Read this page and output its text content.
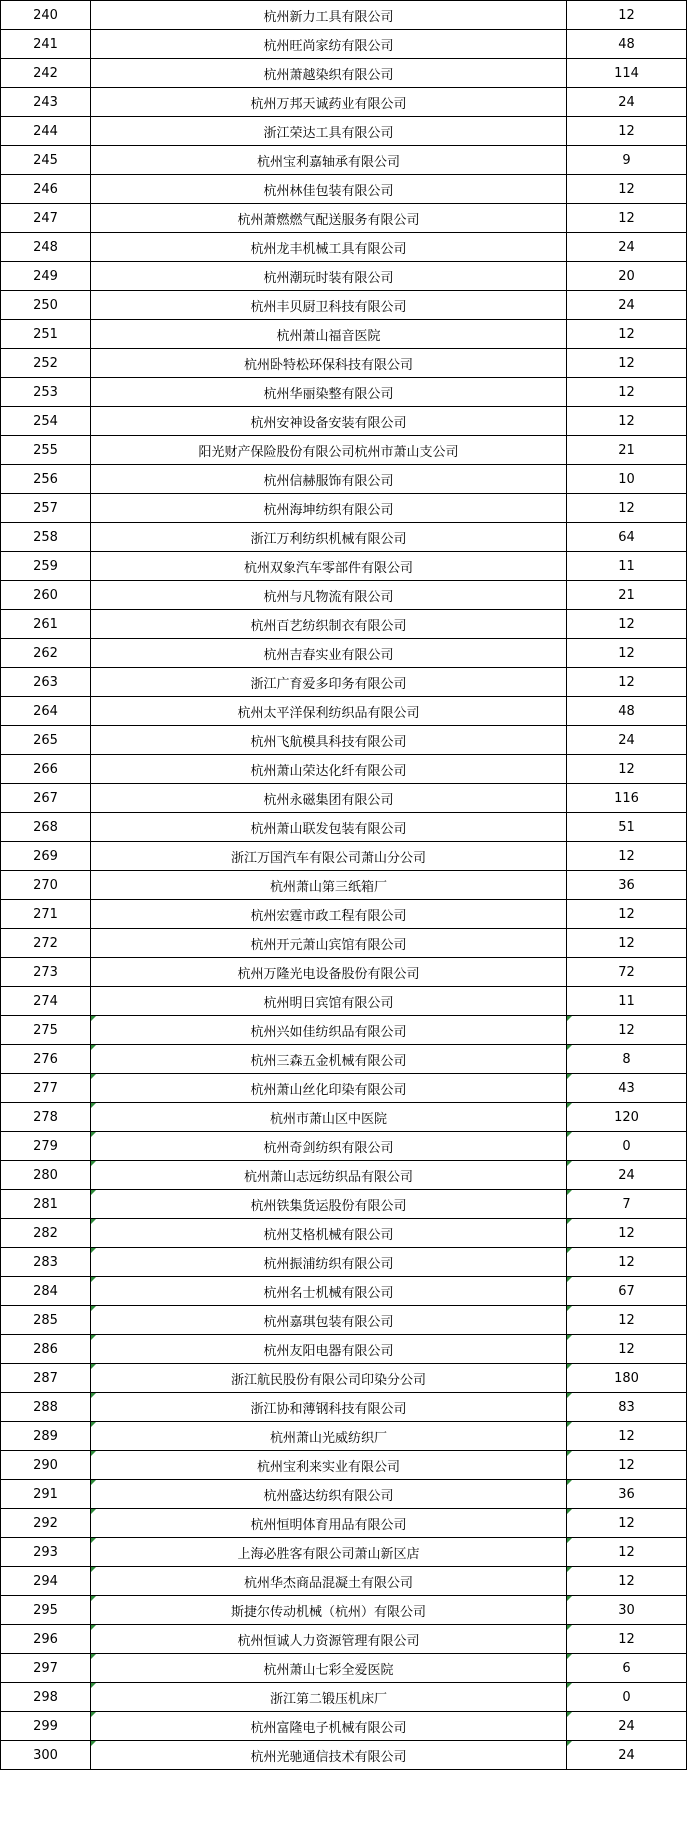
240	杭州新力工具有限公司	12
241	杭州旺尚家纺有限公司	48
242	杭州萧越染织有限公司	114
243	杭州万邦天诚药业有限公司	24
244	浙江荣达工具有限公司	12
245	杭州宝利嘉轴承有限公司	9
246	杭州林佳包装有限公司	12
247	杭州萧燃燃气配送服务有限公司	12
248	杭州龙丰机械工具有限公司	24
249	杭州潮玩时装有限公司	20
250	杭州丰贝厨卫科技有限公司	24
251	杭州萧山福音医院	12
252	杭州卧特松环保科技有限公司	12
253	杭州华丽染整有限公司	12
254	杭州安神设备安装有限公司	12
255	阳光财产保险股份有限公司杭州市萧山支公司	21
256	杭州信赫服饰有限公司	10
257	杭州海坤纺织有限公司	12
258	浙江万利纺织机械有限公司	64
259	杭州双象汽车零部件有限公司	11
260	杭州与凡物流有限公司	21
261	杭州百艺纺织制衣有限公司	12
262	杭州吉春实业有限公司	12
263	浙江广育爱多印务有限公司	12
264	杭州太平洋保利纺织品有限公司	48
265	杭州飞航模具科技有限公司	24
266	杭州萧山荣达化纤有限公司	12
267	杭州永磁集团有限公司	116
268	杭州萧山联发包装有限公司	51
269	浙江万国汽车有限公司萧山分公司	12
270	杭州萧山第三纸箱厂	36
271	杭州宏霆市政工程有限公司	12
272	杭州开元萧山宾馆有限公司	12
273	杭州万隆光电设备股份有限公司	72
274	杭州明日宾馆有限公司	11
275	杭州兴如佳纺织品有限公司	12
276	杭州三森五金机械有限公司	8
277	杭州萧山丝化印染有限公司	43
278	杭州市萧山区中医院	120
279	杭州奇剑纺织有限公司	0
280	杭州萧山志远纺织品有限公司	24
281	杭州铁集货运股份有限公司	7
282	杭州艾格机械有限公司	12
283	杭州振浦纺织有限公司	12
284	杭州名士机械有限公司	67
285	杭州嘉琪包装有限公司	12
286	杭州友阳电器有限公司	12
287	浙江航民股份有限公司印染分公司	180
288	浙江协和薄钢科技有限公司	83
289	杭州萧山光威纺织厂	12
290	杭州宝利来实业有限公司	12
291	杭州盛达纺织有限公司	36
292	杭州恒明体育用品有限公司	12
293	上海必胜客有限公司萧山新区店	12
294	杭州华杰商品混凝土有限公司	12
295	斯捷尔传动机械（杭州）有限公司	30
296	杭州恒诚人力资源管理有限公司	12
297	杭州萧山七彩全爱医院	6
298	浙江第二锻压机床厂	0
299	杭州富隆电子机械有限公司	24
300	杭州光驰通信技术有限公司	24
